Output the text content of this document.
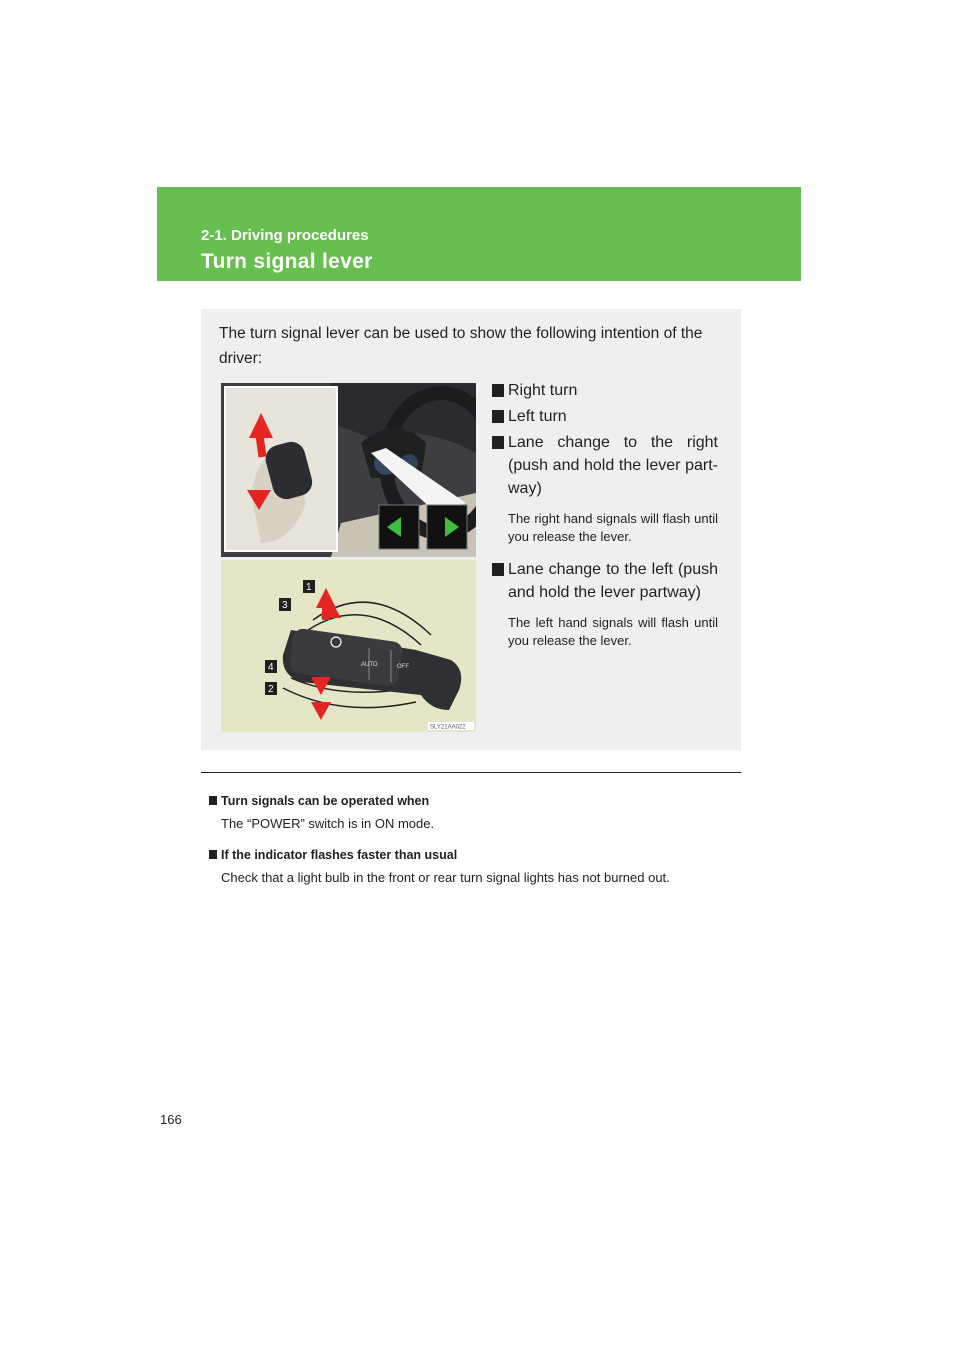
2-1. Driving procedures
Turn signal lever
The turn signal lever can be used to show the following intention of the driver:
1
3
4
2
OFF
AUTO
SLY21AA022
Right turn
Left turn
Lane change to the right (push and hold the lever part-way)
The right hand signals will flash until you release the lever.
Lane change to the left (push and hold the lever partway)
The left hand signals will flash until you release the lever.
Turn signals can be operated when
The “POWER” switch is in ON mode.
If the indicator flashes faster than usual
Check that a light bulb in the front or rear turn signal lights has not burned out.
166
